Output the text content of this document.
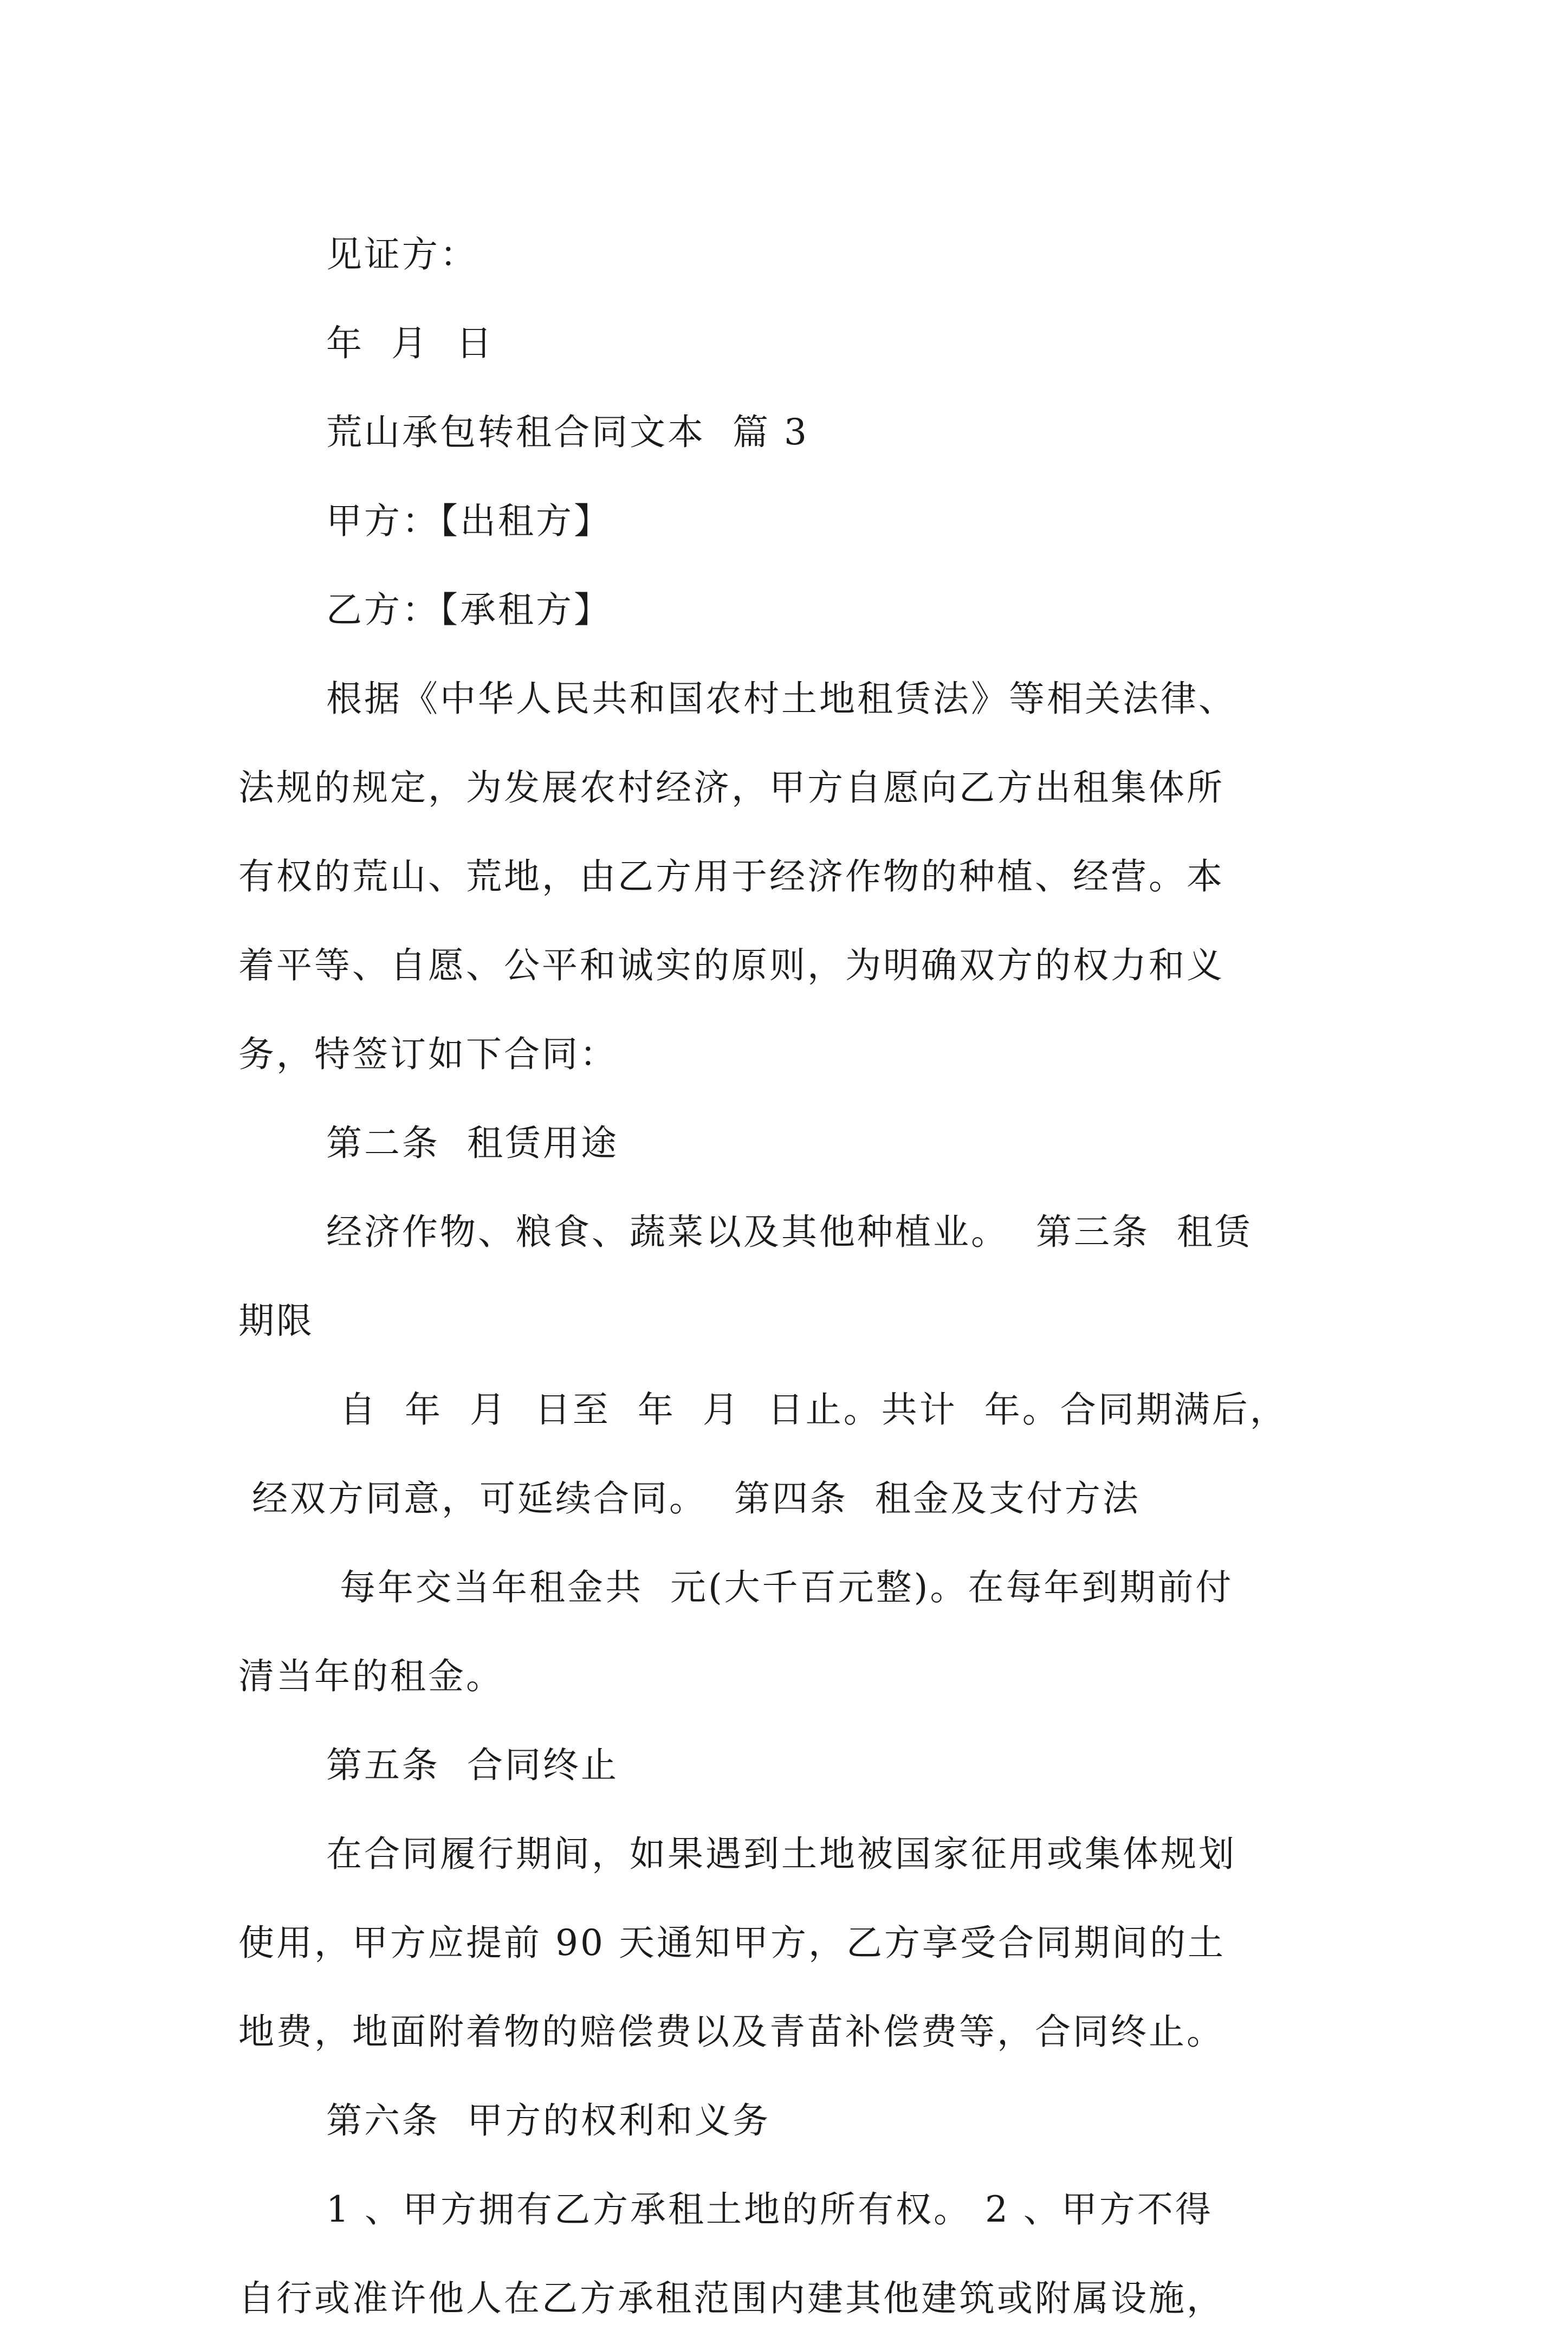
见证方：
年  月  日
荒山承包转租合同文本  篇 3
甲方：【出租方】
乙方：【承租方】
根据《中华人民共和国农村土地租赁法》等相关法律、
法规的规定，为发展农村经济，甲方自愿向乙方出租集体所
有权的荒山、荒地，由乙方用于经济作物的种植、经营。本
着平等、自愿、公平和诚实的原则，为明确双方的权力和义
务，特签订如下合同：
第二条  租赁用途
经济作物、粮食、蔬菜以及其他种植业。  第三条  租赁
期限
自  年  月  日至  年  月  日止。共计  年。合同期满后，
经双方同意，可延续合同。  第四条  租金及支付方法
每年交当年租金共  元(大千百元整)。在每年到期前付
清当年的租金。
第五条  合同终止
在合同履行期间，如果遇到土地被国家征用或集体规划
使用，甲方应提前 90 天通知甲方，乙方享受合同期间的土
地费，地面附着物的赔偿费以及青苗补偿费等，合同终止。
第六条  甲方的权利和义务
1 、甲方拥有乙方承租土地的所有权。 2 、甲方不得
自行或准许他人在乙方承租范围内建其他建筑或附属设施，
